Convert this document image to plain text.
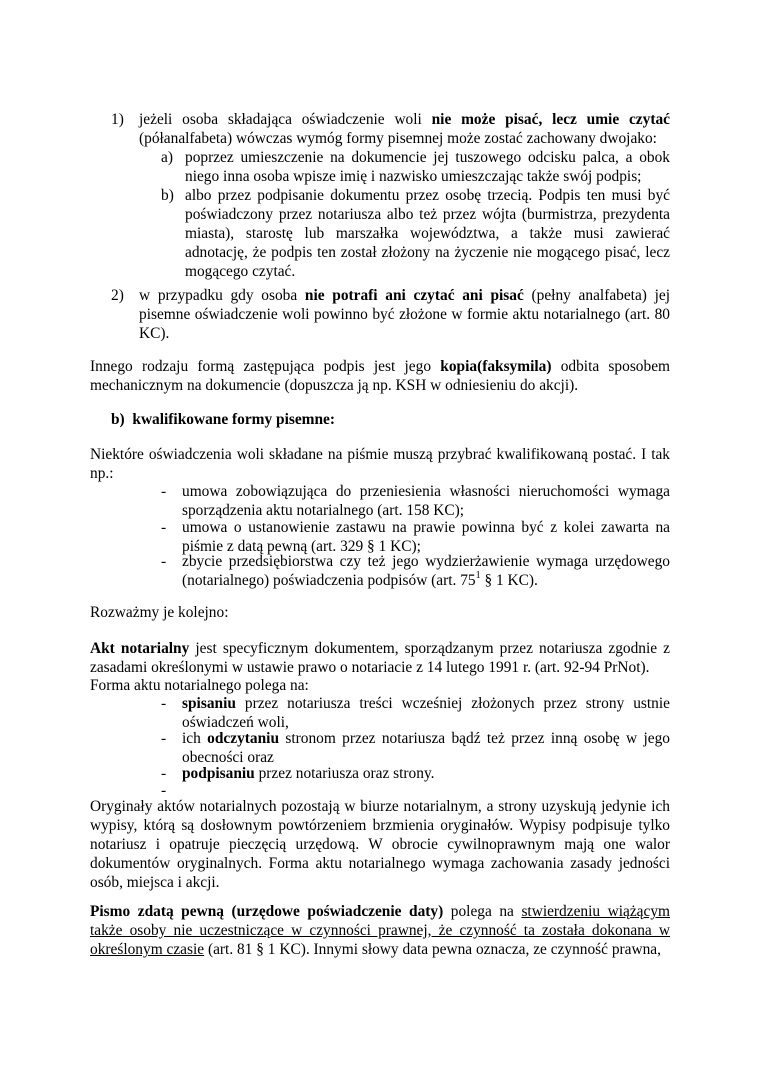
1) jeżeli osoba składająca oświadczenie woli nie może pisać, lecz umie czytać (półanalfabeta) wówczas wymóg formy pisemnej może zostać zachowany dwojako:
a) poprzez umieszczenie na dokumencie jej tuszowego odcisku palca, a obok niego inna osoba wpisze imię i nazwisko umieszczając także swój podpis;
b) albo przez podpisanie dokumentu przez osobę trzecią. Podpis ten musi być poświadczony przez notariusza albo też przez wójta (burmistrza, prezydenta miasta), starostę lub marszałka województwa, a także musi zawierać adnotację, że podpis ten został złożony na życzenie nie mogącego pisać, lecz mogącego czytać.
2) w przypadku gdy osoba nie potrafi ani czytać ani pisać (pełny analfabeta) jej pisemne oświadczenie woli powinno być złożone w formie aktu notarialnego (art. 80 KC).
Innego rodzaju formą zastępująca podpis jest jego kopia(faksymila) odbita sposobem mechanicznym na dokumencie (dopuszcza ją np. KSH w odniesieniu do akcji).
b)  kwalifikowane formy pisemne:
Niektóre oświadczenia woli składane na piśmie muszą przybrać kwalifikowaną postać. I tak np.:
- umowa zobowiązująca do przeniesienia własności nieruchomości wymaga sporządzenia aktu notarialnego (art. 158 KC);
- umowa o ustanowienie zastawu na prawie powinna być z kolei zawarta na piśmie z datą pewną (art. 329 § 1 KC);
- zbycie przedsiębiorstwa czy też jego wydzierżawienie wymaga urzędowego (notarialnego) poświadczenia podpisów (art. $75^1$ § 1 KC).
Rozważmy je kolejno:
Akt notarialny jest specyficznym dokumentem, sporządzanym przez notariusza zgodnie z zasadami określonymi w ustawie prawo o notariacie z 14 lutego 1991 r. (art. 92-94 PrNot).
Forma aktu notarialnego polega na:
- spisaniu przez notariusza treści wcześniej złożonych przez strony ustnie oświadczeń woli,
- ich odczytaniu stronom przez notariusza bądź też przez inną osobę w jego obecności oraz
- podpisaniu przez notariusza oraz strony.
-
Oryginały aktów notarialnych pozostają w biurze notarialnym, a strony uzyskują jedynie ich wypisy, którą są dosłownym powtórzeniem brzmienia oryginałów. Wypisy podpisuje tylko notariusz i opatruje pieczęcią urzędową. W obrocie cywilnoprawnym mają one walor dokumentów oryginalnych. Forma aktu notarialnego wymaga zachowania zasady jedności osób, miejsca i akcji.
Pismo zdatą pewną (urzędowe poświadczenie daty) polega na stwierdzeniu wiążącym także osoby nie uczestniczące w czynności prawnej, że czynność ta została dokonana w określonym czasie (art. 81 § 1 KC). Innymi słowy data pewna oznacza, ze czynność prawna,
